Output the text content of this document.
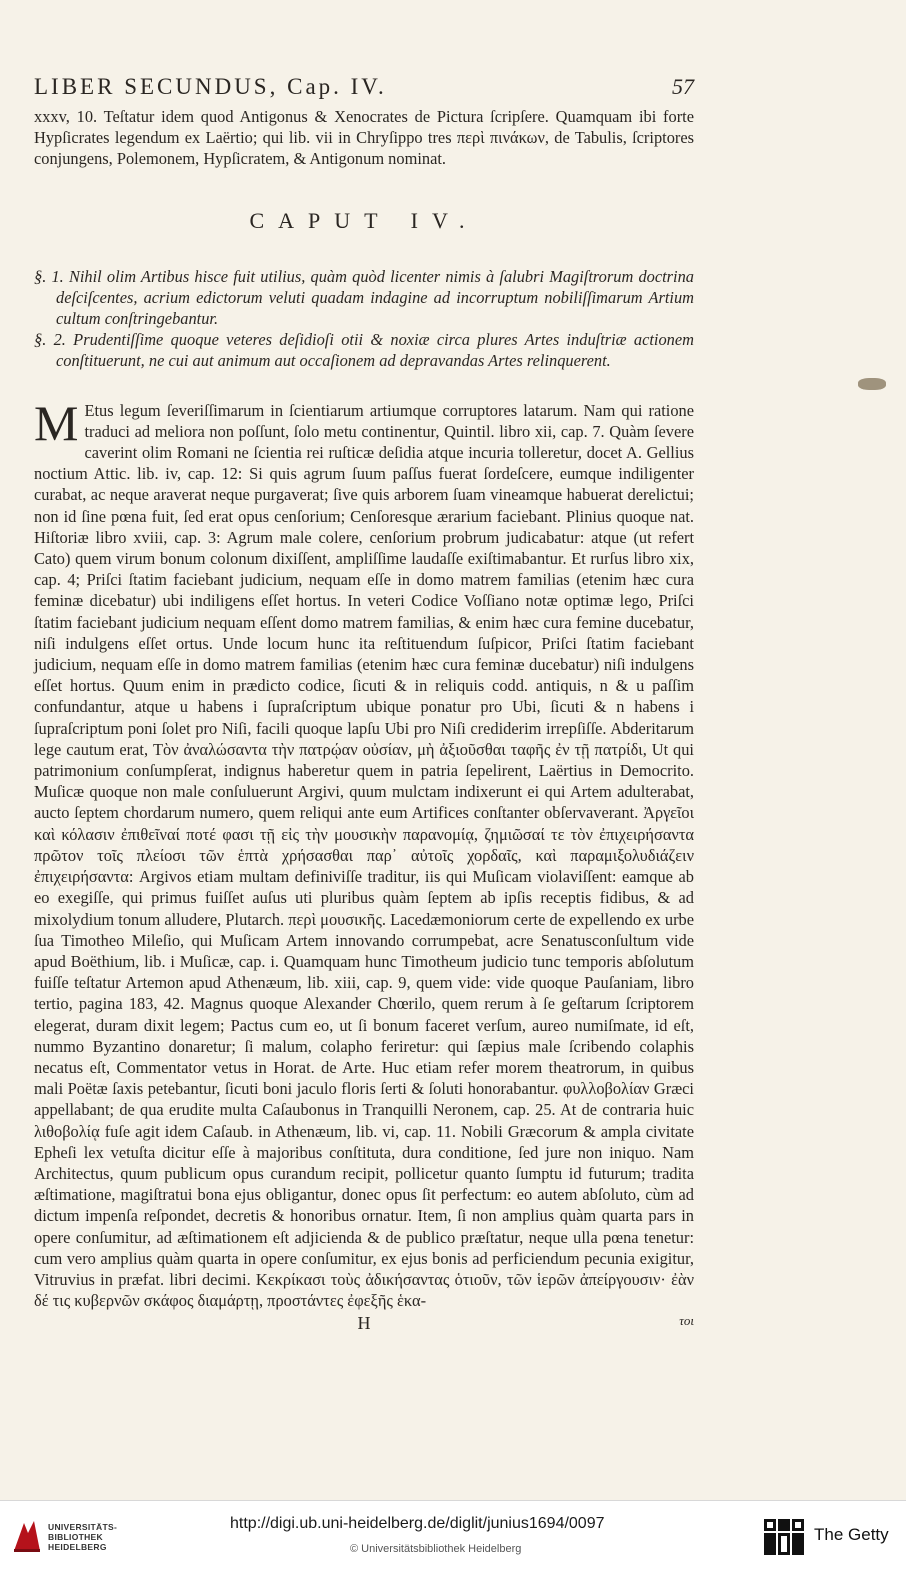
LIBER SECUNDUS, Cap. IV.	57
xxxv, 10. Teſtatur idem quod Antigonus & Xenocrates de Pictura ſcripſere. Quamquam ibi forte Hypſicrates legendum ex Laërtio; qui lib. vii in Chryſippo tres περὶ πινάκων, de Tabulis, ſcriptores conjungens, Polemonem, Hypſicratem, & Antigonum nominat.
CAPUT IV.

§. 1. Nihil olim Artibus hisce fuit utilius, quàm quòd licenter nimis à ſalubri Magiſtrorum doctrina deſciſcentes, acrium edictorum veluti quadam indagine ad incorruptum nobiliſſimarum Artium cultum conſtringebantur.

§. 2. Prudentiſſime quoque veteres deſidioſi otii & noxiæ circa plures Artes induſtriæ actionem conſtituerunt, ne cui aut animum aut occaſionem ad depravandas Artes relinquerent.

M Etus legum ſeveriſſimarum in ſcientiarum artiumque corruptores latarum. Nam qui ratione traduci ad meliora non poſſunt, ſolo metu continentur, Quintil. libro xii, cap. 7. Quàm ſevere caverint olim Romani ne ſcientia rei ruſticæ deſidia atque incuria tolleretur, docet A. Gellius noctium Attic. lib. iv, cap. 12: Si quis agrum ſuum paſſus fuerat ſordeſcere, eumque indiligenter curabat, ac neque araverat neque purgaverat; ſive quis arborem ſuam vineamque habuerat derelictui; non id ſine pœna fuit, ſed erat opus cenſorium; Cenſoresque ærarium faciebant. Plinius quoque nat. Hiſtoriæ libro xviii, cap. 3: Agrum male colere, cenſorium probrum judicabatur: atque (ut refert Cato) quem virum bonum colonum dixiſſent, ampliſſime laudaſſe exiſtimabantur. Et rurſus libro xix, cap. 4; Priſci ſtatim faciebant judicium, nequam eſſe in domo matrem familias (etenim hæc cura feminæ dicebatur) ubi indiligens eſſet hortus. In veteri Codice Voſſiano notæ optimæ lego, Priſci ſtatim faciebant judicium nequam eſſent domo matrem familias, & enim hæc cura femine ducebatur, niſi indulgens eſſet ortus. Unde locum hunc ita reſtituendum ſuſpicor, Priſci ſtatim faciebant judicium, nequam eſſe in domo matrem familias (etenim hæc cura feminæ ducebatur) niſi indulgens eſſet hortus. Quum enim in prædicto codice, ſicuti & in reliquis codd. antiquis, n & u paſſim confundantur, atque u habens i ſupraſcriptum ubique ponatur pro Ubi, ſicuti & n habens i ſupraſcriptum poni ſolet pro Niſi, facili quoque lapſu Ubi pro Niſi crediderim irrepſiſſe. Abderitarum lege cautum erat, Τὸν ἀναλώσαντα τὴν πατρῴαν οὐσίαν, μὴ ἀξιοῦσθαι ταφῆς ἐν τῇ πατρίδι, Ut qui patrimonium conſumpſerat, indignus haberetur quem in patria ſepelirent, Laërtius in Democrito. Muſicæ quoque non male conſuluerunt Argivi, quum mulctam indixerunt ei qui Artem adulterabat, aucto ſeptem chordarum numero, quem reliqui ante eum Artifices conſtanter obſervaverant. Ἀργεῖοι καὶ κόλασιν ἐπιθεῖναί ποτέ φασι τῇ εἰς τὴν μουσικὴν παρανομίᾳ, ζημιῶσαί τε τὸν ἐπιχειρήσαντα πρῶτον τοῖς πλείοσι τῶν ἑπτὰ χρήσασθαι παρ᾽ αὐτοῖς χορδαῖς, καὶ παραμιξολυδιάζειν ἐπιχειρήσαντα: Argivos etiam multam definiviſſe traditur, iis qui Muſicam violaviſſent: eamque ab eo exegiſſe, qui primus fuiſſet auſus uti pluribus quàm ſeptem ab ipſis receptis fidibus, & ad mixolydium tonum alludere, Plutarch. περὶ μουσικῆς. Lacedæmoniorum certe de expellendo ex urbe ſua Timotheo Mileſio, qui Muſicam Artem innovando corrumpebat, acre Senatusconſultum vide apud Boëthium, lib. i Muſicæ, cap. i. Quamquam hunc Timotheum judicio tunc temporis abſolutum fuiſſe teſtatur Artemon apud Athenæum, lib. xiii, cap. 9, quem vide: vide quoque Pauſaniam, libro tertio, pagina 183, 42. Magnus quoque Alexander Chœrilo, quem rerum à ſe geſtarum ſcriptorem elegerat, duram dixit legem; Pactus cum eo, ut ſi bonum faceret verſum, aureo numiſmate, id eſt, nummo Byzantino donaretur; ſi malum, colapho feriretur: qui ſæpius male ſcribendo colaphis necatus eſt, Commentator vetus in Horat. de Arte. Huc etiam refer morem theatrorum, in quibus mali Poëtæ ſaxis petebantur, ſicuti boni jaculo floris ſerti & ſoluti honorabantur. φυλλοβολίαν Græci appellabant; de qua erudite multa Caſaubonus in Tranquilli Neronem, cap. 25. At de contraria huic λιθοβολίᾳ fuſe agit idem Caſaub. in Athenæum, lib. vi, cap. 11. Nobili Græcorum & ampla civitate Epheſi lex vetuſta dicitur eſſe à majoribus conſtituta, dura conditione, ſed jure non iniquo. Nam Architectus, quum publicum opus curandum recipit, pollicetur quanto ſumptu id futurum; tradita æſtimatione, magiſtratui bona ejus obligantur, donec opus ſit perfectum: eo autem abſoluto, cùm ad dictum impenſa reſpondet, decretis & honoribus ornatur. Item, ſi non amplius quàm quarta pars in opere conſumitur, ad æſtimationem eſt adjicienda & de publico præſtatur, neque ulla pœna tenetur: cum vero amplius quàm quarta in opere conſumitur, ex ejus bonis ad perficiendum pecunia exigitur, Vitruvius in præfat. libri decimi. Κεκρίκασι τοὺς ἀδικήσαντας ὁτιοῦν, τῶν ἱερῶν ἀπείργουσιν· ἐὰν δέ τις κυβερνῶν σκάφος διαμάρτῃ, προστάντες ἐφεξῆς ἑκα-
H	τοι
UNIVERSITÄTS- BIBLIOTHEK HEIDELBERG
http://digi.ub.uni-heidelberg.de/diglit/junius1694/0097
© Universitätsbibliothek Heidelberg
The Getty
